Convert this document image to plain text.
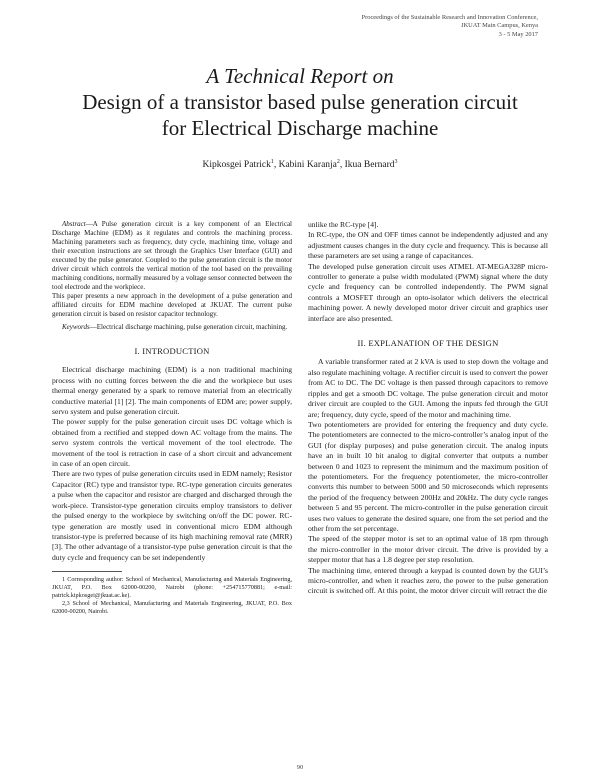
Proceedings of the Sustainable Research and Innovation Conference,
JKUAT Main Campus, Kenya
3 - 5 May 2017
A Technical Report on
Design of a transistor based pulse generation circuit
for Electrical Discharge machine
Kipkosgei Patrick$^1$, Kabini Karanja$^2$, Ikua Bernard$^3$

Abstract—A Pulse generation circuit is a key component of an Electrical Discharge Machine (EDM) as it regulates and controls the machining process. Machining parameters such as frequency, duty cycle, machining time, voltage and their execution instructions are set through the Graphics User Interface (GUI) and executed by the pulse generator. Coupled to the pulse generation circuit is the motor driver circuit which controls the vertical motion of the tool based on the prevailing machining conditions, normally measured by a voltage sensor connected between the tool electrode and the workpiece.

This paper presents a new approach in the development of a pulse generation and affiliated circuits for EDM machine developed at JKUAT. The current pulse generation circuit is based on resistor capacitor technology.

Keywords—Electrical discharge machining, pulse generation circuit, machining.

I. INTRODUCTION

Electrical discharge machining (EDM) is a non traditional machining process with no cutting forces between the die and the workpiece but uses thermal energy generated by a spark to remove material from an electrically conductive material [1] [2]. The main components of EDM are; power supply, servo system and pulse generation circuit.

The power supply for the pulse generation circuit uses DC voltage which is obtained from a rectified and stepped down AC voltage from the mains. The servo system controls the vertical movement of the tool electrode. The movement of the tool is retraction in case of a short circuit and advancement in case of an open circuit.

There are two types of pulse generation circuits used in EDM namely; Resistor Capacitor (RC) type and transistor type. RC-type generation circuits generates a pulse when the capacitor and resistor are charged and discharged through the work-piece. Transistor-type generation circuits employ transistors to deliver the pulsed energy to the workpiece by switching on/off the DC power. RC-type generation are mostly used in conventional micro EDM although transistor-type is preferred because of its high machining removal rate (MRR) [3]. The other advantage of a transistor-type pulse generation circuit is that the duty cycle and frequency can be set independently

1 Corresponding author: School of Mechanical, Manufacturing and Materials Engineering, JKUAT, P.O. Box 62000-00200, Nairobi (phone: +254715770881; e-mail: patrick.kipkosgei@jkuat.ac.ke).

2,3 School of Mechanical, Manufacturing and Materials Engineering, JKUAT, P.O. Box 62000-00200, Nairobi.

unlike the RC-type [4].

In RC-type, the ON and OFF times cannot be independently adjusted and any adjustment causes changes in the duty cycle and frequency. This is because all these parameters are set using a range of capacitances.

The developed pulse generation circuit uses ATMEL AT-MEGA328P micro-controller to generate a pulse width modulated (PWM) signal where the duty cycle and frequency can be controlled independently. The PWM signal controls a MOSFET through an opto-isolator which delivers the electrical machining power. A newly developed motor driver circuit and graphics user interface are also presented.

II. EXPLANATION OF THE DESIGN

A variable transformer rated at 2 kVA is used to step down the voltage and also regulate machining voltage. A rectifier circuit is used to convert the power from AC to DC. The DC voltage is then passed through capacitors to remove ripples and get a smooth DC voltage. The pulse generation circuit and motor driver circuit are coupled to the GUI. Among the inputs fed through the GUI are; frequency, duty cycle, speed of the motor and machining time.

Two potentiometers are provided for entering the frequency and duty cycle. The potentiometers are connected to the micro-controller’s analog input of the GUI (for display purposes) and pulse generation circuit. The analog inputs have an in built 10 bit analog to digital converter that outputs a number between 0 and 1023 to represent the minimum and the maximum position of the potentiometers. For the frequency potentiometer, the micro-controller converts this number to between 5000 and 50 microseconds which represents the period of the frequency between 200Hz and 20kHz. The duty cycle ranges between 5 and 95 percent. The micro-controller in the pulse generation circuit uses two values to generate the desired square, one from the set period and the other from the set percentage.

The speed of the stepper motor is set to an optimal value of 18 rpm through the micro-controller in the motor driver circuit. The drive is provided by a stepper motor that has a 1.8 degree per step resolution.

The machining time, entered through a keypad is counted down by the GUI’s micro-controller, and when it reaches zero, the power to the pulse generation circuit is switched off. At this point, the motor driver circuit will retract the die

90
